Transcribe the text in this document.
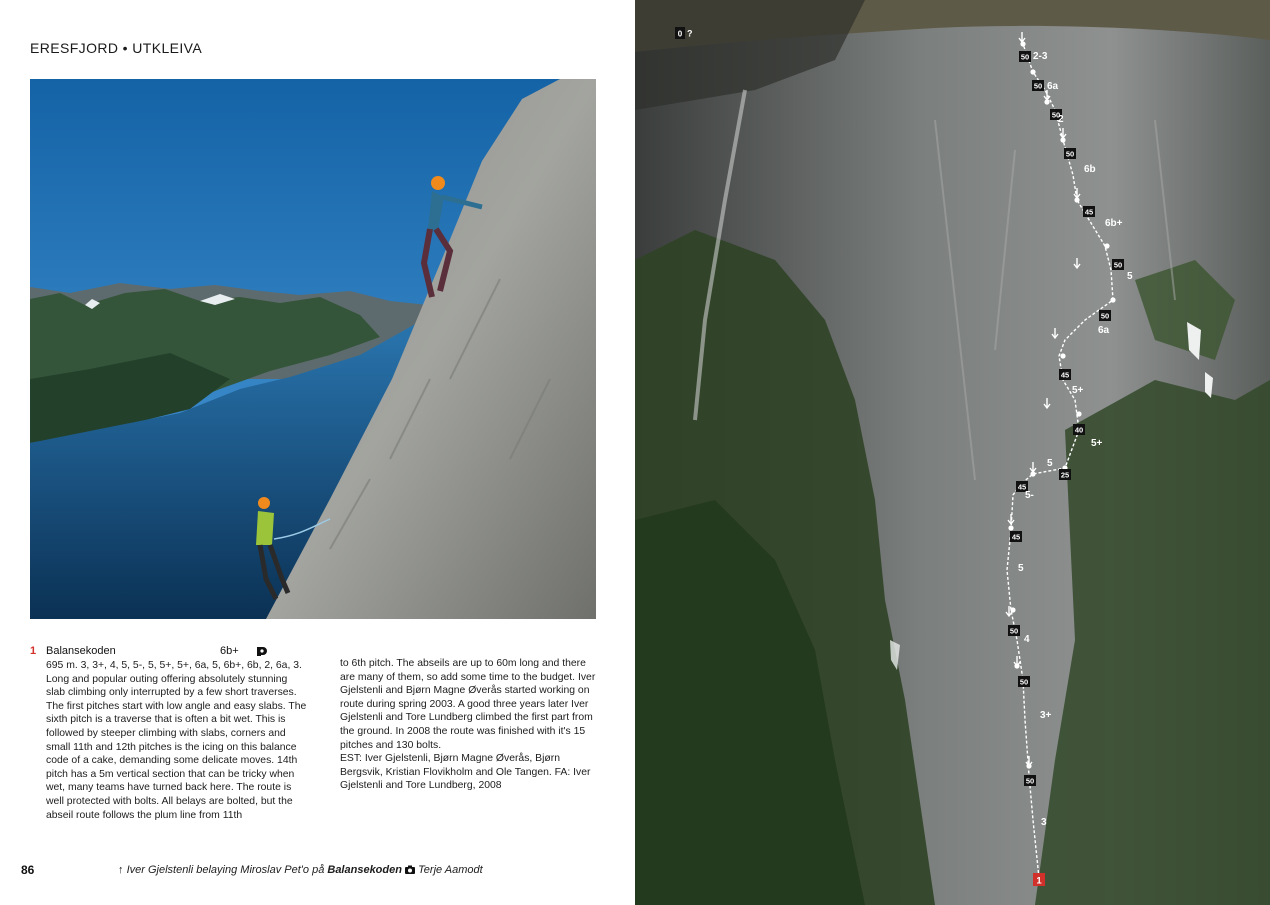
ERESFJORD • UTKLEIVA
1 Balansekoden	6b+

695 m. 3, 3+, 4, 5, 5-, 5, 5+, 5+, 6a, 5, 6b+, 6b, 2, 6a, 3. Long and popular outing offering absolutely stunning slab climbing only interrupted by a few short traverses. The first pitches start with low angle and easy slabs. The sixth pitch is a traverse that is often a bit wet. This is followed by steeper climbing with slabs, corners and small 11th and 12th pitches is the icing on this balance code of a cake, demanding some delicate moves. 14th pitch has a 5m vertical section that can be tricky when wet, many teams have turned back here. The route is well protected with bolts. All belays are bolted, but the abseil route follows the plum line from 11th

to 6th pitch. The abseils are up to 60m long and there are many of them, so add some time to the budget. Iver Gjelstenli and Bjørn Magne Øverås started working on route during spring 2003. A good three years later Iver Gjelstenli and Tore Lundberg climbed the first part from the ground. In 2008 the route was finished with it's 15 pitches and 130 bolts.

EST: Iver Gjelstenli, Bjørn Magne Øverås, Bjørn Bergsvik, Kristian Flovikholm and Ole Tangen. FA: Iver Gjelstenli and Tore Lundberg, 2008

86	↑ Iver Gjelstenli belaying Miroslav Pet'o på Balansekoden Terje Aamodt
0 ?
50
50
50
50
45
50
50
45
40
25
45
45
50
50
50
2-3
6a
2
6b
6b+
5
6a
5+
5+
5
5-
5
4
3+
3
1
